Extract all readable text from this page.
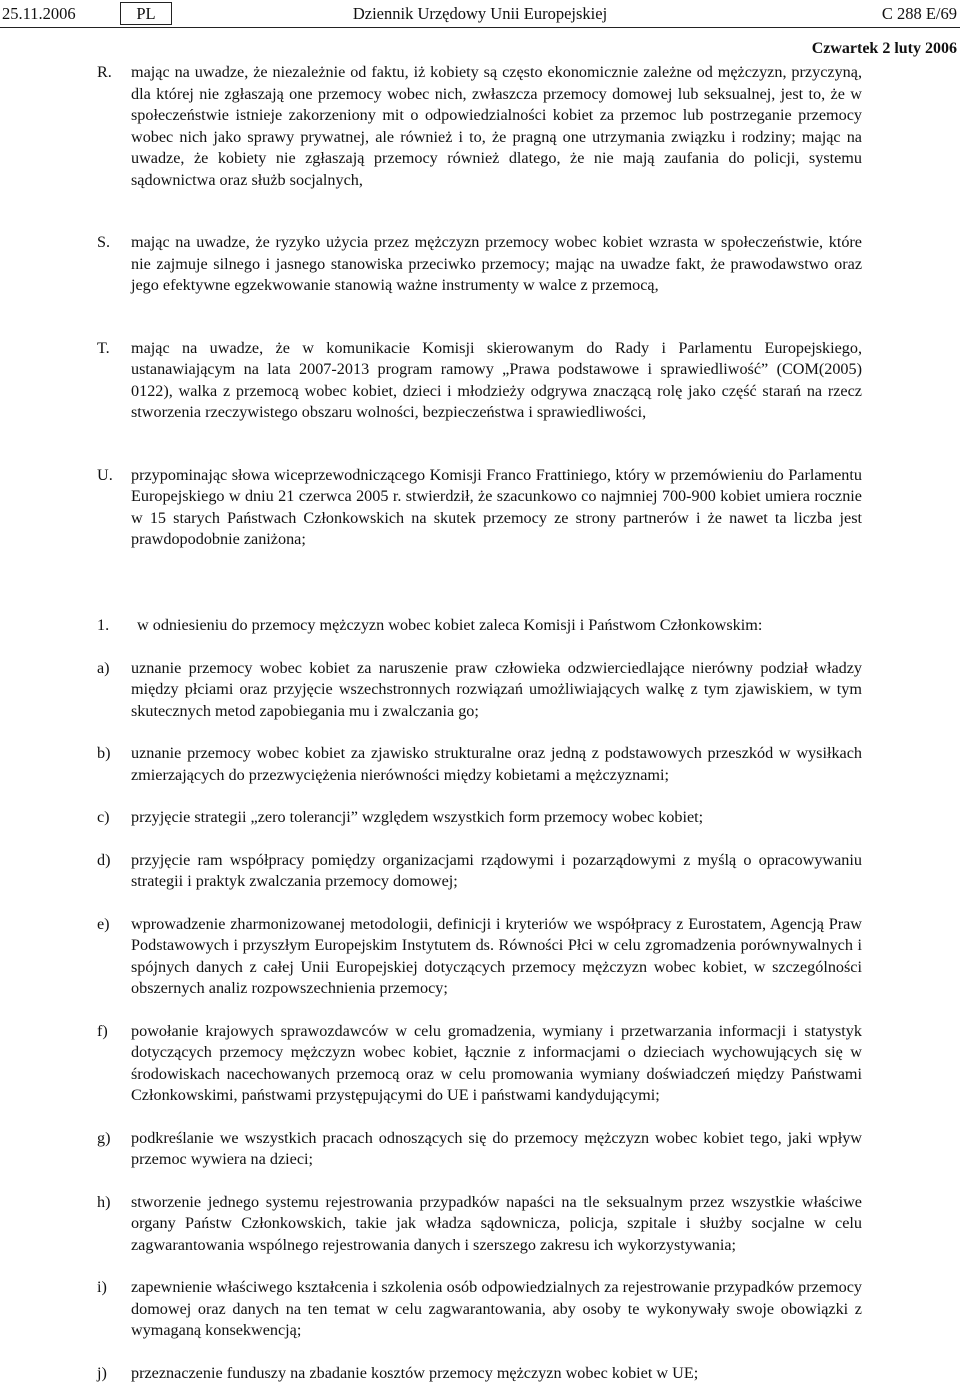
25.11.2006	PL	Dziennik Urzędowy Unii Europejskiej	C 288 E/69
Czwartek 2 luty 2006
R. mając na uwadze, że niezależnie od faktu, iż kobiety są często ekonomicznie zależne od mężczyzn, przyczyną, dla której nie zgłaszają one przemocy wobec nich, zwłaszcza przemocy domowej lub seksualnej, jest to, że w społeczeństwie istnieje zakorzeniony mit o odpowiedzialności kobiet za przemoc lub postrzeganie przemocy wobec nich jako sprawy prywatnej, ale również i to, że pragną one utrzymania związku i rodziny; mając na uwadze, że kobiety nie zgłaszają przemocy również dlatego, że nie mają zaufania do policji, systemu sądownictwa oraz służb socjalnych,
S. mając na uwadze, że ryzyko użycia przez mężczyzn przemocy wobec kobiet wzrasta w społeczeństwie, które nie zajmuje silnego i jasnego stanowiska przeciwko przemocy; mając na uwadze fakt, że prawodawstwo oraz jego efektywne egzekwowanie stanowią ważne instrumenty w walce z przemocą,
T. mając na uwadze, że w komunikacie Komisji skierowanym do Rady i Parlamentu Europejskiego, ustanawiającym na lata 2007-2013 program ramowy „Prawa podstawowe i sprawiedliwość” (COM(2005) 0122), walka z przemocą wobec kobiet, dzieci i młodzieży odgrywa znaczącą rolę jako część starań na rzecz stworzenia rzeczywistego obszaru wolności, bezpieczeństwa i sprawiedliwości,
U. przypominając słowa wiceprzewodniczącego Komisji Franco Frattiniego, który w przemówieniu do Parlamentu Europejskiego w dniu 21 czerwca 2005 r. stwierdził, że szacunkowo co najmniej 700-900 kobiet umiera rocznie w 15 starych Państwach Członkowskich na skutek przemocy ze strony partnerów i że nawet ta liczba jest prawdopodobnie zaniżona;
1. w odniesieniu do przemocy mężczyzn wobec kobiet zaleca Komisji i Państwom Członkowskim:
a) uznanie przemocy wobec kobiet za naruszenie praw człowieka odzwierciedlające nierówny podział władzy między płciami oraz przyjęcie wszechstronnych rozwiązań umożliwiających walkę z tym zjawiskiem, w tym skutecznych metod zapobiegania mu i zwalczania go;
b) uznanie przemocy wobec kobiet za zjawisko strukturalne oraz jedną z podstawowych przeszkód w wysiłkach zmierzających do przezwyciężenia nierówności między kobietami a mężczyznami;
c) przyjęcie strategii „zero tolerancji” względem wszystkich form przemocy wobec kobiet;
d) przyjęcie ram współpracy pomiędzy organizacjami rządowymi i pozarządowymi z myślą o opracowywaniu strategii i praktyk zwalczania przemocy domowej;
e) wprowadzenie zharmonizowanej metodologii, definicji i kryteriów we współpracy z Eurostatem, Agencją Praw Podstawowych i przyszłym Europejskim Instytutem ds. Równości Płci w celu zgromadzenia porównywalnych i spójnych danych z całej Unii Europejskiej dotyczących przemocy mężczyzn wobec kobiet, w szczególności obszernych analiz rozpowszechnienia przemocy;
f) powołanie krajowych sprawozdawców w celu gromadzenia, wymiany i przetwarzania informacji i statystyk dotyczących przemocy mężczyzn wobec kobiet, łącznie z informacjami o dzieciach wychowujących się w środowiskach nacechowanych przemocą oraz w celu promowania wymiany doświadczeń między Państwami Członkowskimi, państwami przystępującymi do UE i państwami kandydującymi;
g) podkreślanie we wszystkich pracach odnoszących się do przemocy mężczyzn wobec kobiet tego, jaki wpływ przemoc wywiera na dzieci;
h) stworzenie jednego systemu rejestrowania przypadków napaści na tle seksualnym przez wszystkie właściwe organy Państw Członkowskich, takie jak władza sądownicza, policja, szpitale i służby socjalne w celu zagwarantowania wspólnego rejestrowania danych i szerszego zakresu ich wykorzystywania;
i) zapewnienie właściwego kształcenia i szkolenia osób odpowiedzialnych za rejestrowanie przypadków przemocy domowej oraz danych na ten temat w celu zagwarantowania, aby osoby te wykonywały swoje obowiązki z wymaganą konsekwencją;
j) przeznaczenie funduszy na zbadanie kosztów przemocy mężczyzn wobec kobiet w UE;
